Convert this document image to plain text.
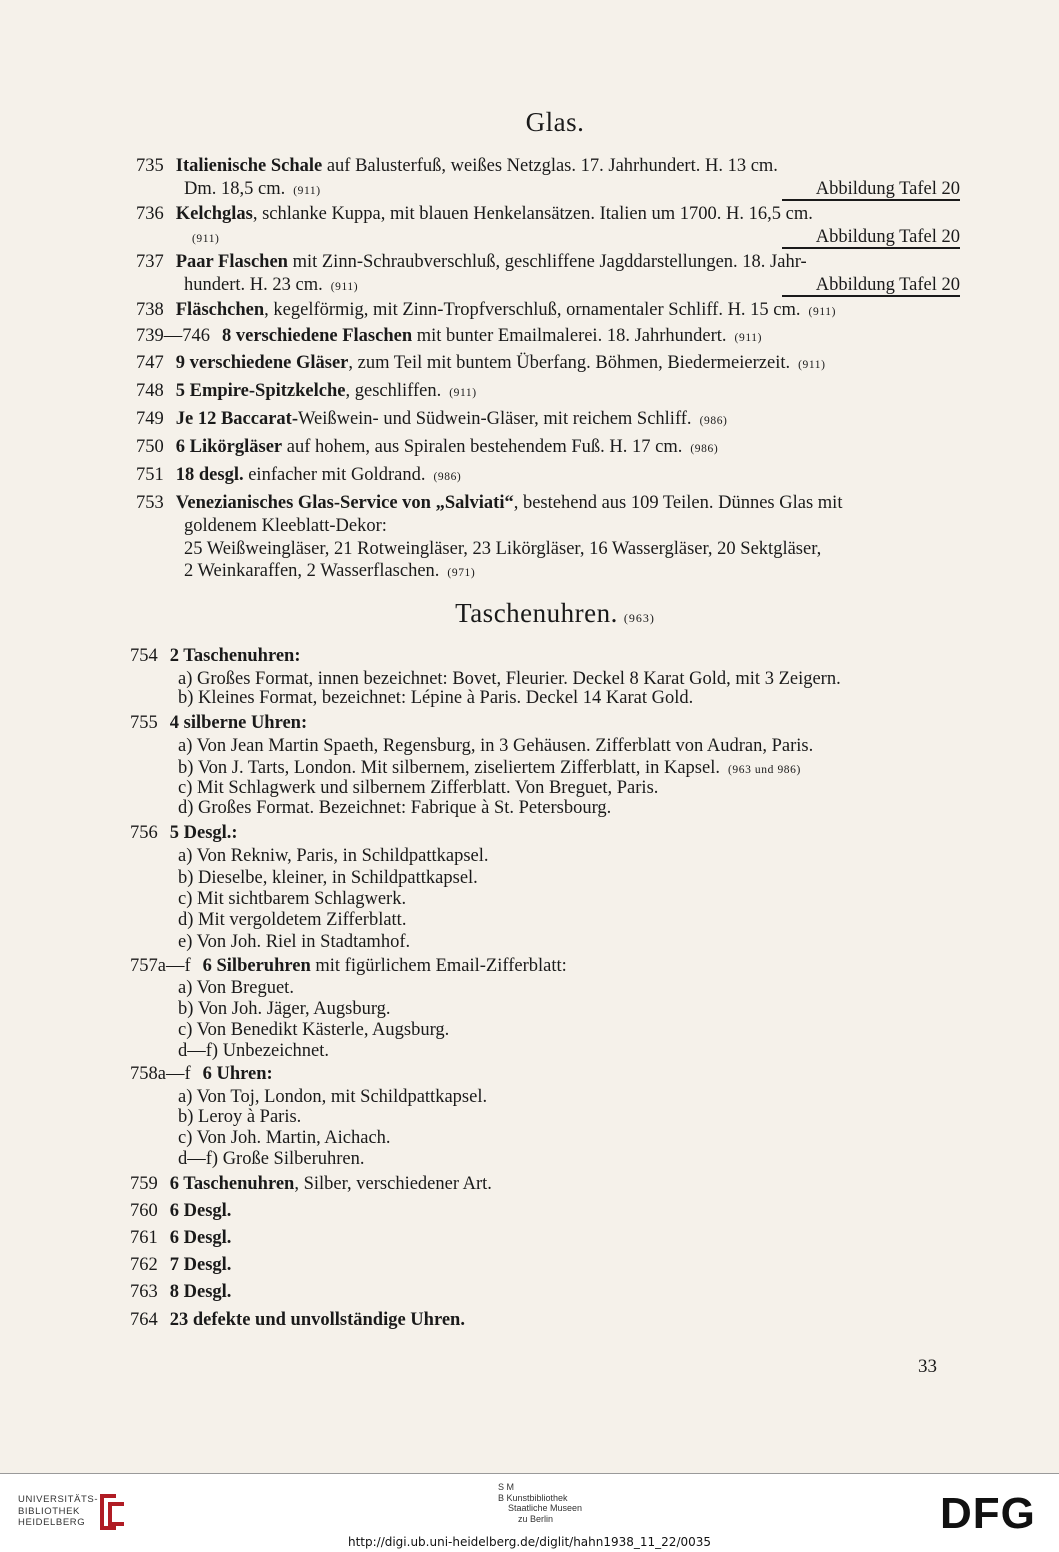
Glas.
735 Italienische Schale auf Balusterfuß, weißes Netzglas. 17. Jahrhundert. H. 13 cm.
Dm. 18,5 cm. (911)	Abbildung Tafel 20
736 Kelchglas, schlanke Kuppa, mit blauen Henkelansätzen. Italien um 1700. H. 16,5 cm.
(911)	Abbildung Tafel 20
737 Paar Flaschen mit Zinn-Schraubverschluß, geschliffene Jagddarstellungen. 18. Jahr-
hundert. H. 23 cm. (911)	Abbildung Tafel 20
738 Fläschchen, kegelförmig, mit Zinn-Tropfverschluß, ornamentaler Schliff. H. 15 cm. (911)
739—746 8 verschiedene Flaschen mit bunter Emailmalerei. 18. Jahrhundert. (911)
747 9 verschiedene Gläser, zum Teil mit buntem Überfang. Böhmen, Biedermeierzeit. (911)
748 5 Empire-Spitzkelche, geschliffen. (911)
749 Je 12 Baccarat-Weißwein- und Südwein-Gläser, mit reichem Schliff. (986)
750 6 Likörgläser auf hohem, aus Spiralen bestehendem Fuß. H. 17 cm. (986)
751 18 desgl. einfacher mit Goldrand. (986)
753 Venezianisches Glas-Service von „Salviati“, bestehend aus 109 Teilen. Dünnes Glas mit
goldenem Kleeblatt-Dekor:
25 Weißweingläser, 21 Rotweingläser, 23 Likörgläser, 16 Wassergläser, 20 Sektgläser,
2 Weinkaraffen, 2 Wasserflaschen. (971)
Taschenuhren. (963)
754 2 Taschenuhren:
a) Großes Format, innen bezeichnet: Bovet, Fleurier. Deckel 8 Karat Gold, mit 3 Zeigern.
b) Kleines Format, bezeichnet: Lépine à Paris. Deckel 14 Karat Gold.
755 4 silberne Uhren:
a) Von Jean Martin Spaeth, Regensburg, in 3 Gehäusen. Zifferblatt von Audran, Paris.
b) Von J. Tarts, London. Mit silbernem, ziseliertem Zifferblatt, in Kapsel. (963 und 986)
c) Mit Schlagwerk und silbernem Zifferblatt. Von Breguet, Paris.
d) Großes Format. Bezeichnet: Fabrique à St. Petersbourg.
756 5 Desgl.:
a) Von Rekniw, Paris, in Schildpattkapsel.
b) Dieselbe, kleiner, in Schildpattkapsel.
c) Mit sichtbarem Schlagwerk.
d) Mit vergoldetem Zifferblatt.
e) Von Joh. Riel in Stadtamhof.
757a—f 6 Silberuhren mit figürlichem Email-Zifferblatt:
a) Von Breguet.
b) Von Joh. Jäger, Augsburg.
c) Von Benedikt Kästerle, Augsburg.
d—f) Unbezeichnet.
758a—f 6 Uhren:
a) Von Toj, London, mit Schildpattkapsel.
b) Leroy à Paris.
c) Von Joh. Martin, Aichach.
d—f) Große Silberuhren.
759 6 Taschenuhren, Silber, verschiedener Art.
760 6 Desgl.
761 6 Desgl.
762 7 Desgl.
763 8 Desgl.
764 23 defekte und unvollständige Uhren.
33
UNIVERSITÄTS-
BIBLIOTHEK
HEIDELBERG
S M
B Kunstbibliothek
Staatliche Museen
zu Berlin	DFG
http://digi.ub.uni-heidelberg.de/diglit/hahn1938_11_22/0035
